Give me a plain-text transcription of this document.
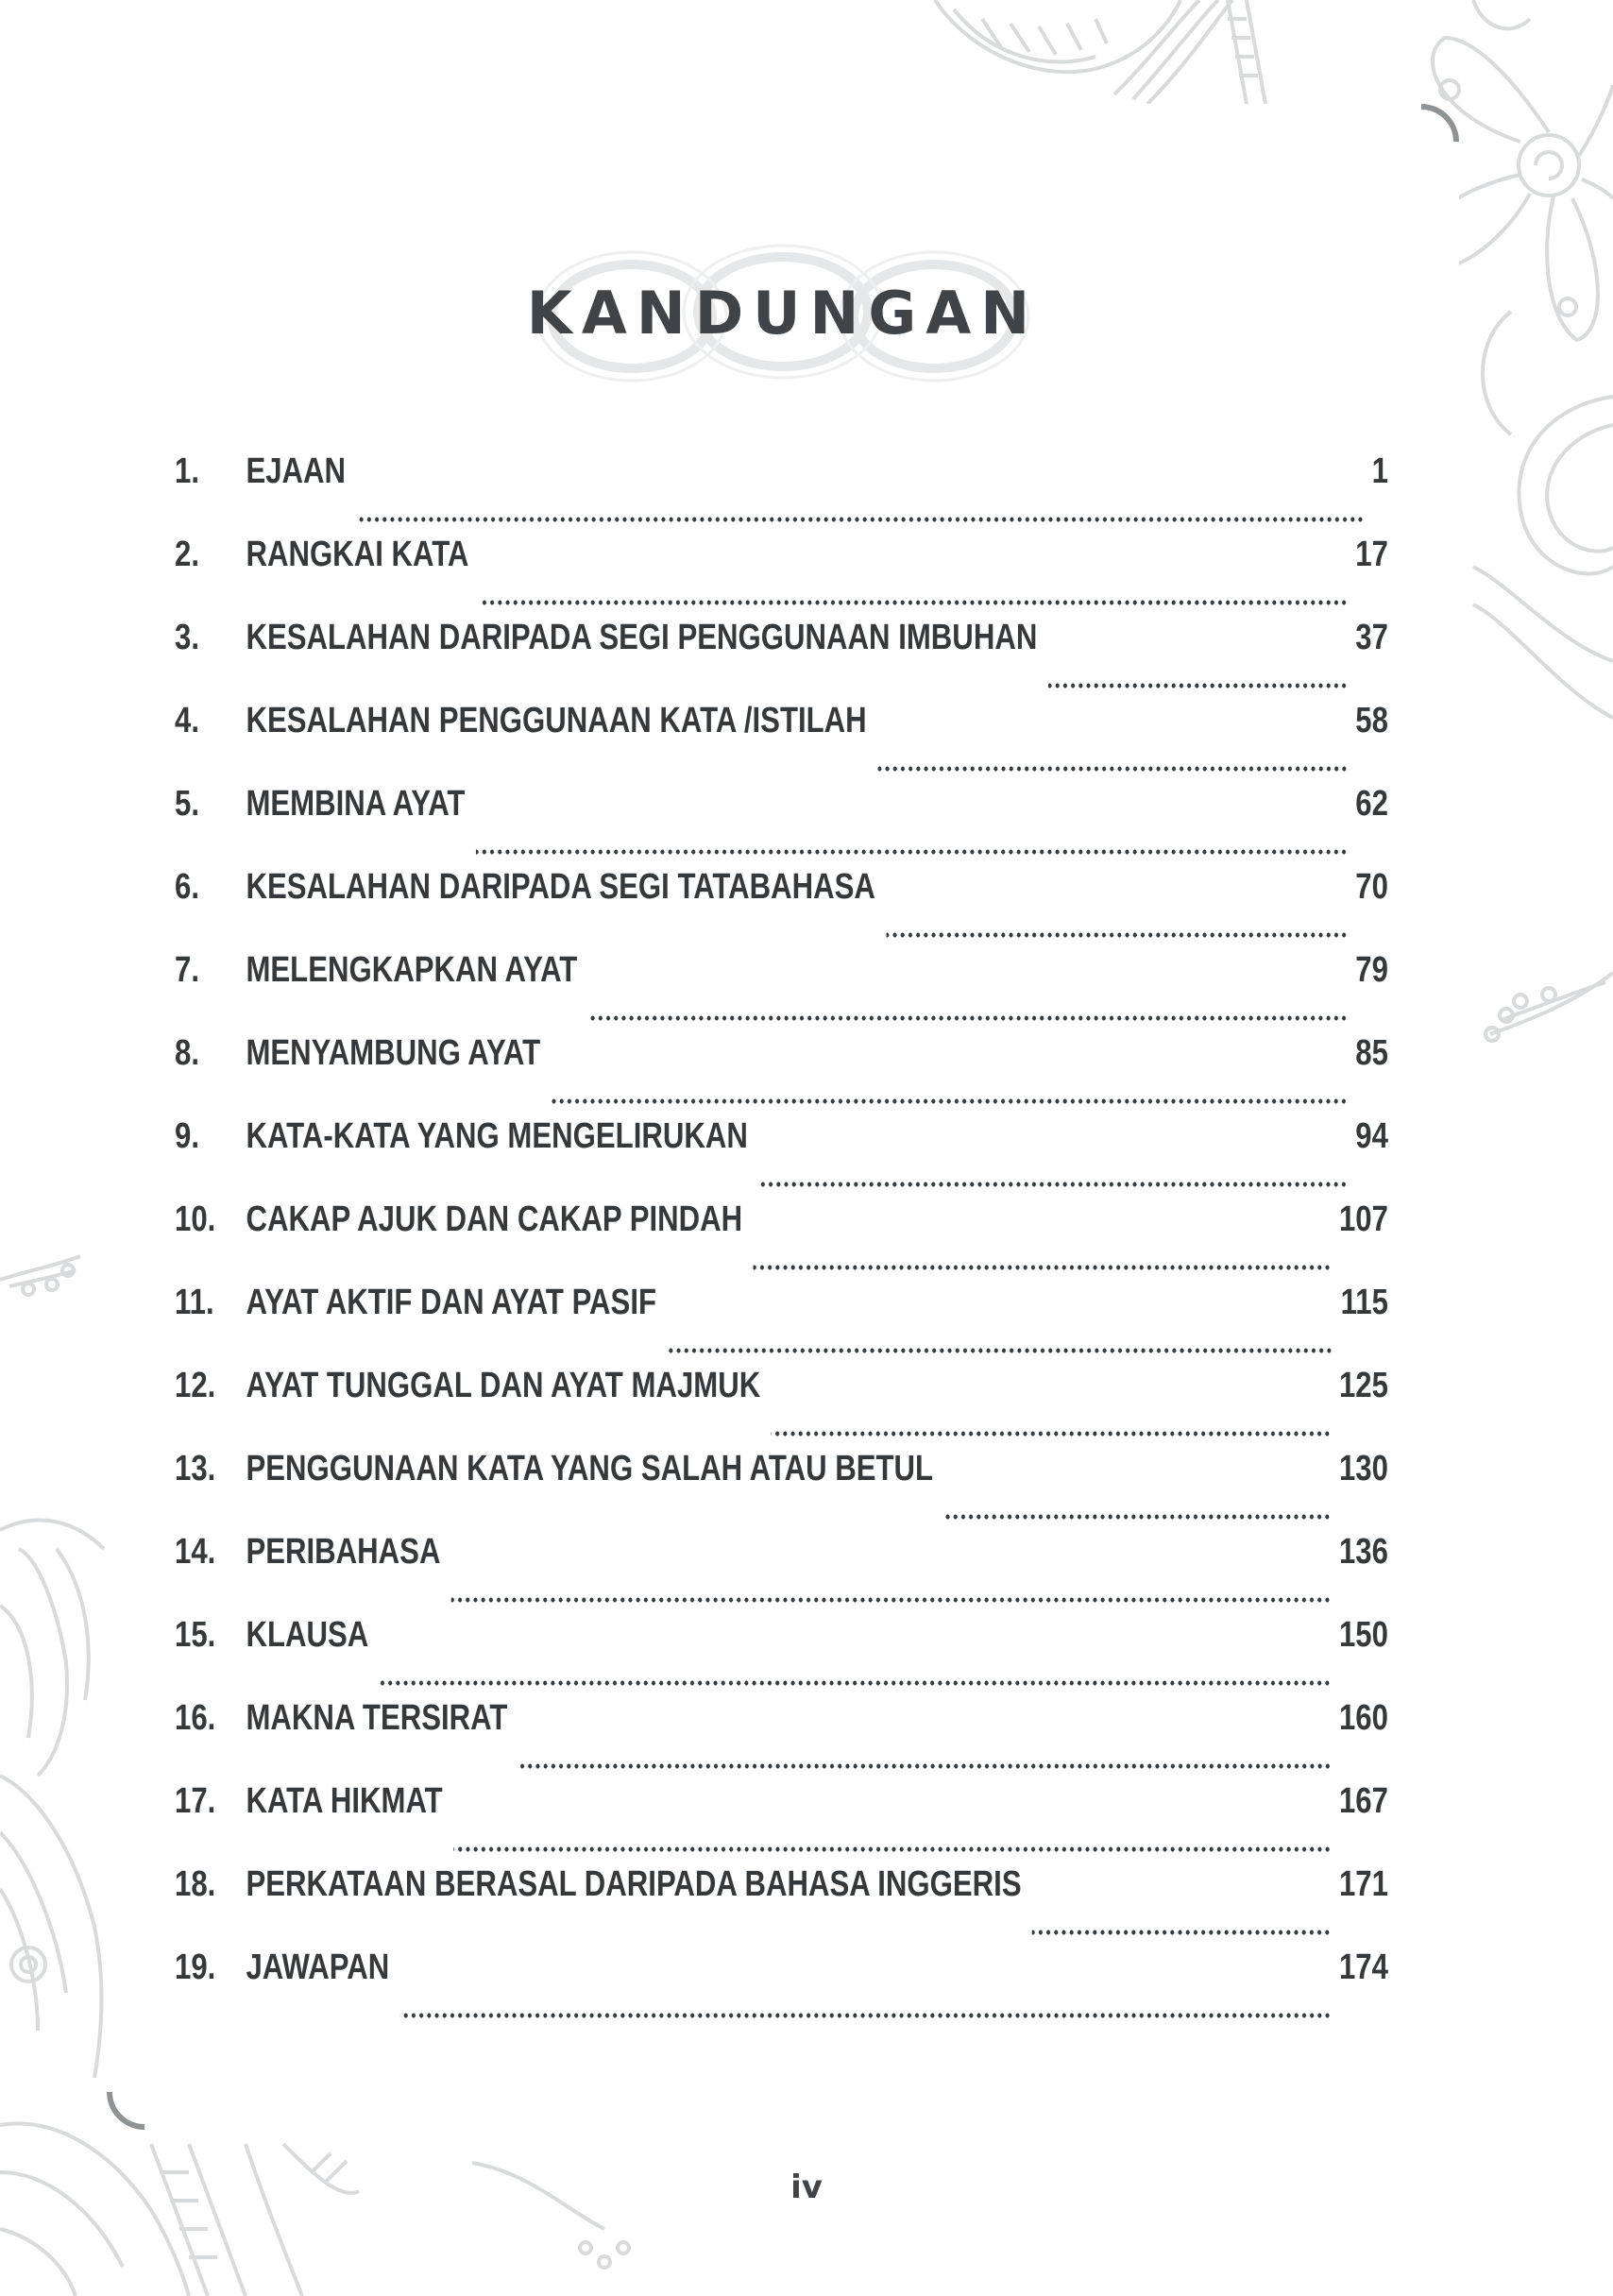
KANDUNGAN
1.	EJAAN	1
2.	RANGKAI KATA	17
3.	KESALAHAN DARIPADA SEGI PENGGUNAAN IMBUHAN	37
4.	KESALAHAN PENGGUNAAN KATA /ISTILAH	58
5.	MEMBINA AYAT	62
6.	KESALAHAN DARIPADA SEGI TATABAHASA	70
7.	MELENGKAPKAN AYAT	79
8.	MENYAMBUNG AYAT	85
9.	KATA-KATA YANG MENGELIRUKAN	94
10. CAKAP AJUK DAN CAKAP PINDAH	107
11. AYAT AKTIF DAN AYAT PASIF	115
12. AYAT TUNGGAL DAN AYAT MAJMUK	125
13. PENGGUNAAN KATA YANG SALAH ATAU BETUL	130
14. PERIBAHASA	136
15. KLAUSA	150
16. MAKNA TERSIRAT	160
17. KATA HIKMAT	167
18. PERKATAAN BERASAL DARIPADA BAHASA INGGERIS	171
19. JAWAPAN	174
iv
